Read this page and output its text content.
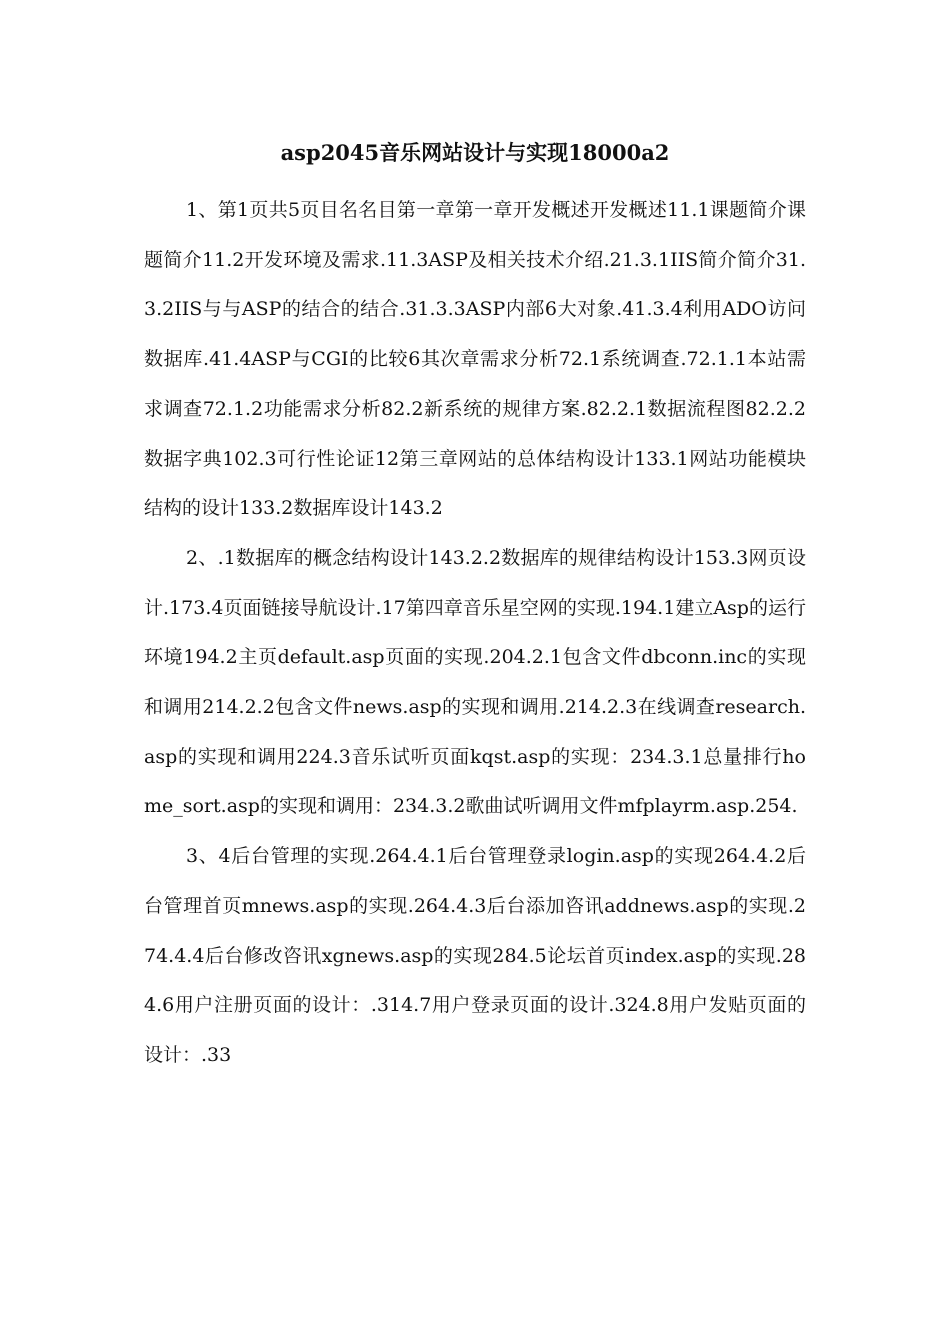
asp2045音乐网站设计与实现18000a2

1、第1页共5页目名名目第一章第一章开发概述开发概述11.1课题简介课题简介11.2开发环境及需求.11.3ASP及相关技术介绍.21.3.1IIS简介简介31.3.2IIS与与ASP的结合的结合.31.3.3ASP内部6大对象.41.3.4利用ADO访问数据库.41.4ASP与CGI的比较6其次章需求分析72.1系统调查.72.1.1本站需求调查72.1.2功能需求分析82.2新系统的规律方案.82.2.1数据流程图82.2.2数据字典102.3可行性论证12第三章网站的总体结构设计133.1网站功能模块结构的设计133.2数据库设计143.2

2、.1数据库的概念结构设计143.2.2数据库的规律结构设计153.3网页设计.173.4页面链接导航设计.17第四章音乐星空网的实现.194.1建立Asp的运行环境194.2主页default.asp页面的实现.204.2.1包含文件dbconn.inc的实现和调用214.2.2包含文件news.asp的实现和调用.214.2.3在线调查research.asp的实现和调用224.3音乐试听页面kqst.asp的实现：234.3.1总量排行home_sort.asp的实现和调用：234.3.2歌曲试听调用文件mfplayrm.asp.254.

3、4后台管理的实现.264.4.1后台管理登录login.asp的实现264.4.2后台管理首页mnews.asp的实现.264.4.3后台添加咨讯addnews.asp的实现.274.4.4后台修改咨讯xgnews.asp的实现284.5论坛首页index.asp的实现.284.6用户注册页面的设计：.314.7用户登录页面的设计.324.8用户发贴页面的设计：.33
